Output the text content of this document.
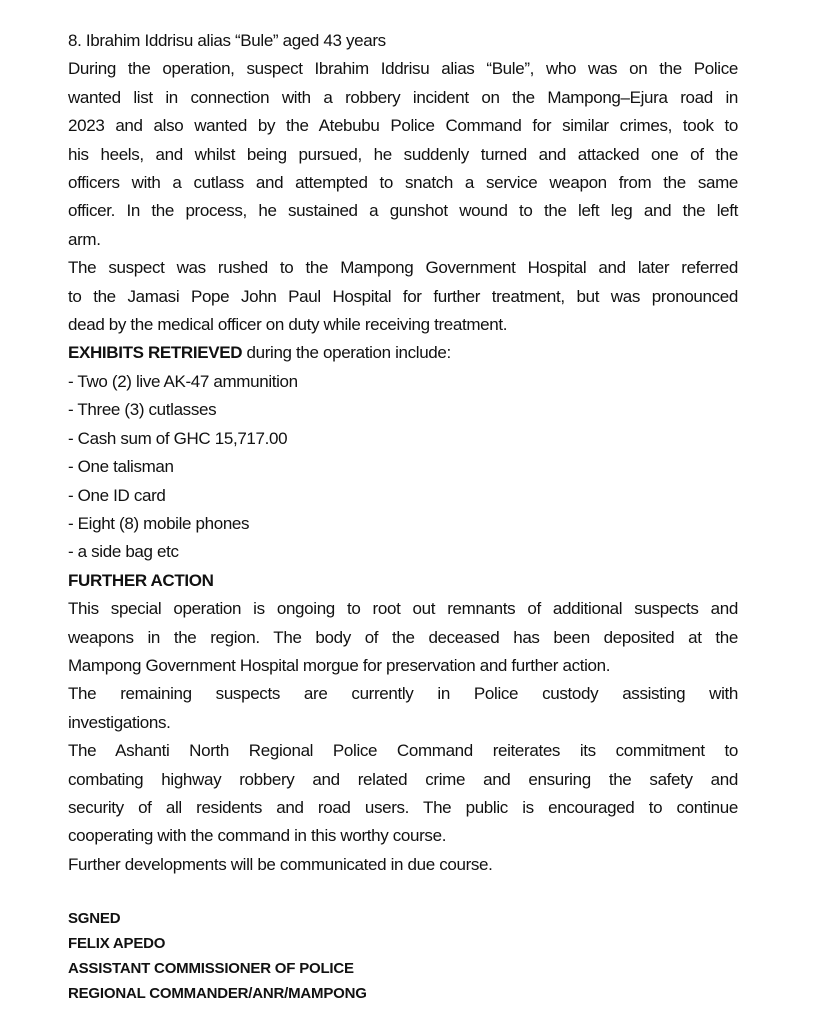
8. Ibrahim Iddrisu alias “Bule” aged 43 years

During the operation, suspect Ibrahim Iddrisu alias “Bule”, who was on the Police

wanted list in connection with a robbery incident on the Mampong–Ejura road in

2023 and also wanted by the Atebubu Police Command for similar crimes, took to

his heels, and whilst being pursued, he suddenly turned and attacked one of the

officers with a cutlass and attempted to snatch a service weapon from the same

officer. In the process, he sustained a gunshot wound to the left leg and the left

arm.

The suspect was rushed to the Mampong Government Hospital and later referred

to the Jamasi Pope John Paul Hospital for further treatment, but was pronounced

dead by the medical officer on duty while receiving treatment.

EXHIBITS RETRIEVED during the operation include:

- Two (2) live AK-47 ammunition
- Three (3) cutlasses
- Cash sum of GHC 15,717.00
- One talisman
- One ID card
- Eight (8) mobile phones
- a side bag etc

FURTHER ACTION

This special operation is ongoing to root out remnants of additional suspects and

weapons in the region. The body of the deceased has been deposited at the

Mampong Government Hospital morgue for preservation and further action.

The remaining suspects are currently in Police custody assisting with

investigations.

The Ashanti North Regional Police Command reiterates its commitment to

combating highway robbery and related crime and ensuring the safety and

security of all residents and road users. The public is encouraged to continue

cooperating with the command in this worthy course.

Further developments will be communicated in due course.

SGNED
FELIX APEDO
ASSISTANT COMMISSIONER OF POLICE
REGIONAL COMMANDER/ANR/MAMPONG
